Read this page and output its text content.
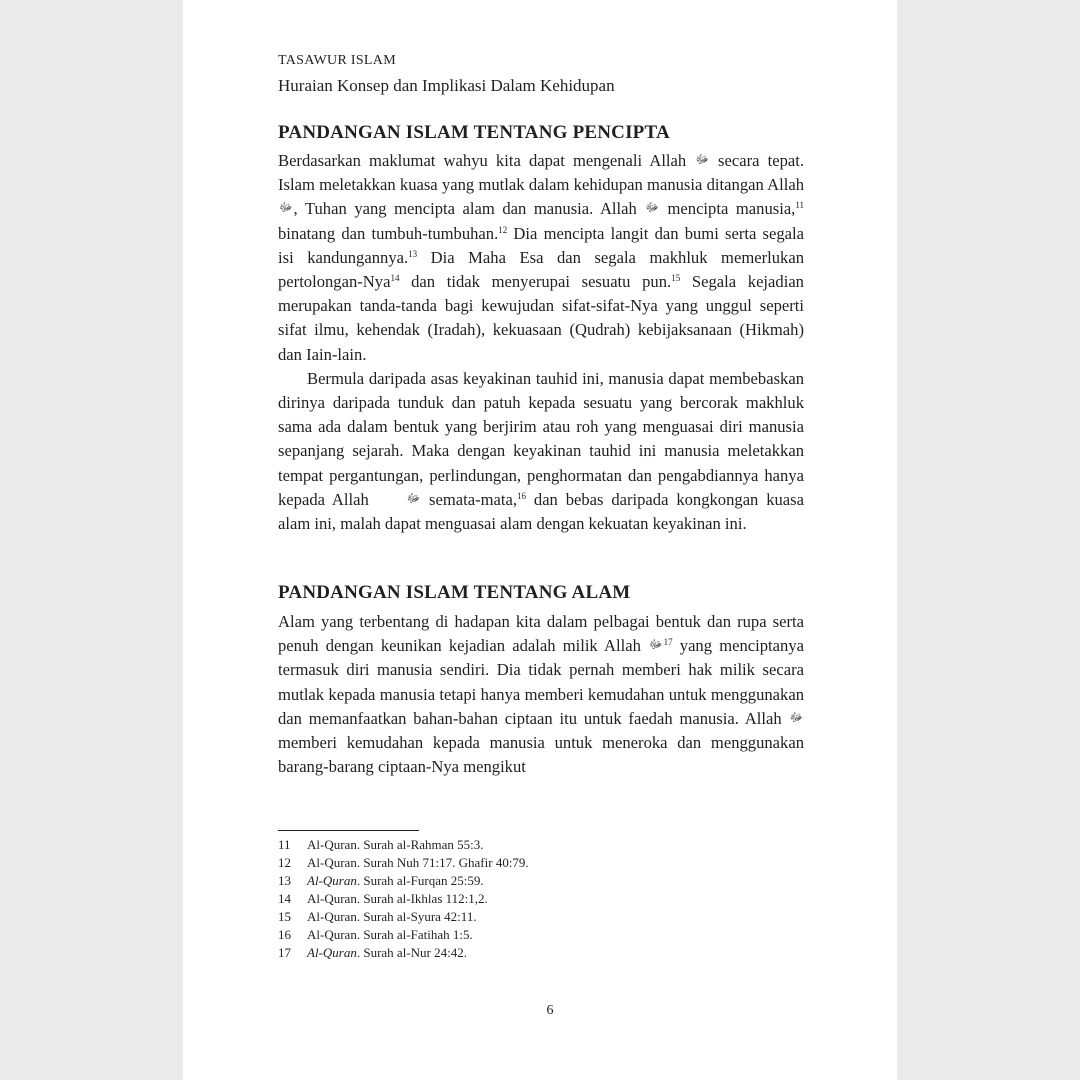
TASAWUR ISLAM
Huraian Konsep dan Implikasi Dalam Kehidupan
PANDANGAN ISLAM TENTANG PENCIPTA

Berdasarkan maklumat wahyu kita dapat mengenali Allah ﷻ secara tepat. Islam meletakkan kuasa yang mutlak dalam kehidupan manusia ditangan Allah ﷻ, Tuhan yang mencipta alam dan manusia. Allah ﷻ mencipta manusia,$^{11}$ binatang dan tumbuh-tumbuhan.$^{12}$ Dia mencipta langit dan bumi serta segala isi kandungannya.$^{13}$ Dia Maha Esa dan segala makhluk memerlukan pertolongan-Nya$^{14}$ dan tidak menyerupai sesuatu pun.$^{15}$ Segala kejadian merupakan tanda-tanda bagi kewujudan sifat-sifat-Nya yang unggul seperti sifat ilmu, kehendak (Iradah), kekuasaan (Qudrah) kebijaksanaan (Hikmah) dan Iain-lain.

Bermula daripada asas keyakinan tauhid ini, manusia dapat membebaskan dirinya daripada tunduk dan patuh kepada sesuatu yang bercorak makhluk sama ada dalam bentuk yang berjirim atau roh yang menguasai diri manusia sepanjang sejarah. Maka dengan keyakinan tauhid ini manusia meletakkan tempat pergantungan, perlindungan, penghormatan dan pengabdiannya hanya kepada Allah	ﷻ semata-mata,$^{16}$ dan bebas daripada kongkongan kuasa alam ini, malah dapat menguasai alam dengan kekuatan keyakinan ini.

PANDANGAN ISLAM TENTANG ALAM

Alam yang terbentang di hadapan kita dalam pelbagai bentuk dan rupa serta penuh dengan keunikan kejadian adalah milik Allah ﷻ$^{17}$ yang menciptanya termasuk diri manusia sendiri. Dia tidak pernah memberi hak milik secara mutlak kepada manusia tetapi hanya memberi kemudahan untuk menggunakan dan memanfaatkan bahan-bahan ciptaan itu untuk faedah manusia. Allah ﷻ memberi kemudahan kepada manusia untuk meneroka dan menggunakan barang-barang ciptaan-Nya mengikut

11	Al-Quran. Surah al-Rahman 55:3.
12	Al-Quran. Surah Nuh 71:17. Ghafir 40:79.
13	Al-Quran. Surah al-Furqan 25:59.
14	Al-Quran. Surah al-Ikhlas 112:1,2.
15	Al-Quran. Surah al-Syura 42:11.
16	Al-Quran. Surah al-Fatihah 1:5.
17	Al-Quran. Surah al-Nur 24:42.
6
